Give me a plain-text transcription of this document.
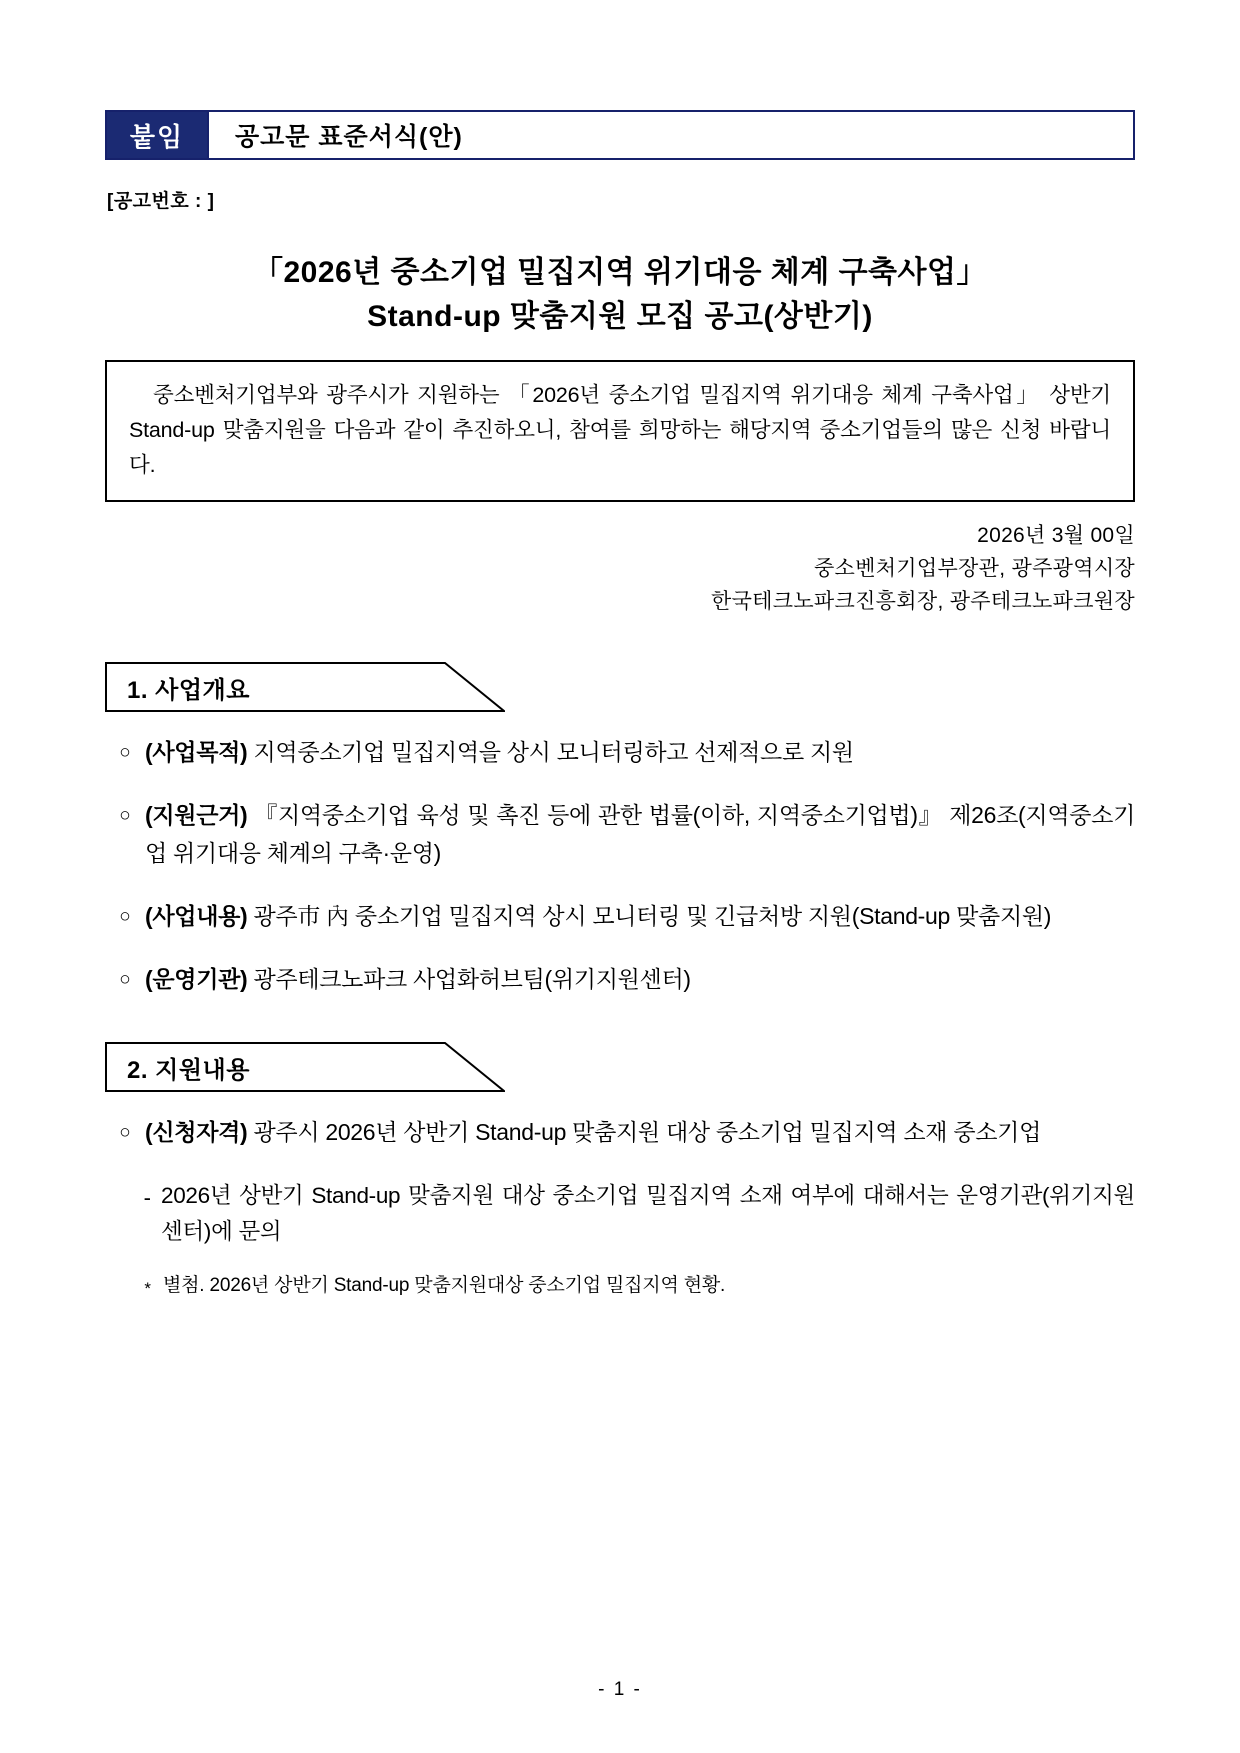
붙임	공고문 표준서식(안)
[공고번호 : ]
「2026년 중소기업 밀집지역 위기대응 체계 구축사업」
Stand-up 맞춤지원 모집 공고(상반기)

중소벤처기업부와 광주시가 지원하는 「2026년 중소기업 밀집지역 위기대응 체계 구축사업」 상반기 Stand-up 맞춤지원을 다음과 같이 추진하오니, 참여를 희망하는 해당지역 중소기업들의 많은 신청 바랍니다.

2026년 3월 00일
중소벤처기업부장관, 광주광역시장
한국테크노파크진흥회장, 광주테크노파크원장
1. 사업개요
○ (사업목적) 지역중소기업 밀집지역을 상시 모니터링하고 선제적으로 지원
○ (지원근거) 『지역중소기업 육성 및 촉진 등에 관한 법률(이하, 지역중소기업법)』 제26조(지역중소기업 위기대응 체계의 구축·운영)
○ (사업내용) 광주市 內 중소기업 밀집지역 상시 모니터링 및 긴급처방 지원(Stand-up 맞춤지원)
○ (운영기관) 광주테크노파크 사업화허브팀(위기지원센터)
2. 지원내용
○ (신청자격) 광주시 2026년 상반기 Stand-up 맞춤지원 대상 중소기업 밀집지역 소재 중소기업
- 2026년 상반기 Stand-up 맞춤지원 대상 중소기업 밀집지역 소재 여부에 대해서는 운영기관(위기지원센터)에 문의
* 별첨. 2026년 상반기 Stand-up 맞춤지원대상 중소기업 밀집지역 현황.
- 1 -
